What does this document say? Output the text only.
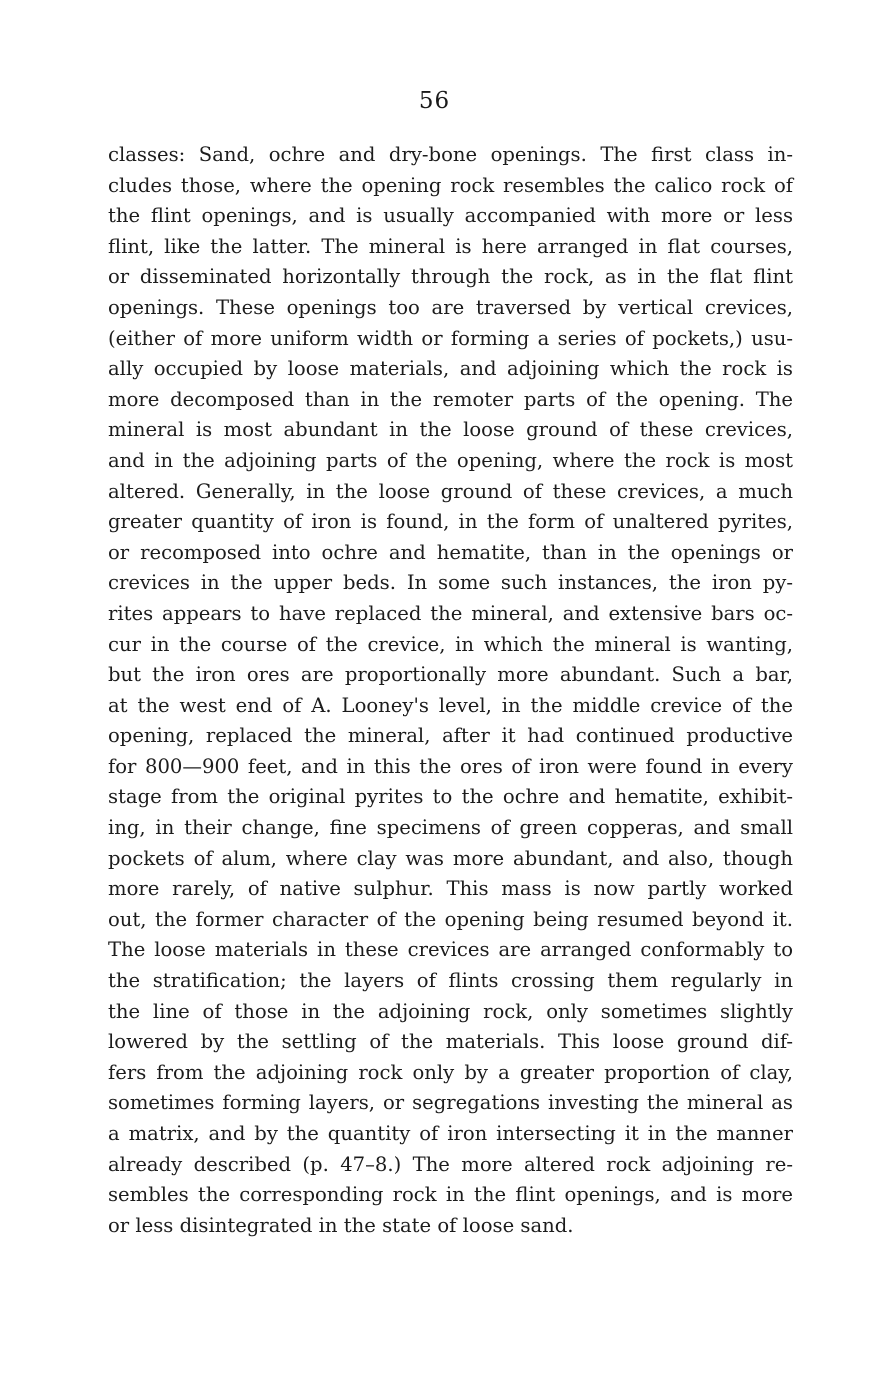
56
classes: Sand, ochre and dry-bone openings. The first class in-
cludes those, where the opening rock resembles the calico rock of
the flint openings, and is usually accompanied with more or less
flint, like the latter. The mineral is here arranged in flat courses,
or disseminated horizontally through the rock, as in the flat flint
openings. These openings too are traversed by vertical crevices,
(either of more uniform width or forming a series of pockets,) usu-
ally occupied by loose materials, and adjoining which the rock is
more decomposed than in the remoter parts of the opening. The
mineral is most abundant in the loose ground of these crevices,
and in the adjoining parts of the opening, where the rock is most
altered. Generally, in the loose ground of these crevices, a much
greater quantity of iron is found, in the form of unaltered pyrites,
or recomposed into ochre and hematite, than in the openings or
crevices in the upper beds. In some such instances, the iron py-
rites appears to have replaced the mineral, and extensive bars oc-
cur in the course of the crevice, in which the mineral is wanting,
but the iron ores are proportionally more abundant. Such a bar,
at the west end of A. Looney's level, in the middle crevice of the
opening, replaced the mineral, after it had continued productive
for 800—900 feet, and in this the ores of iron were found in every
stage from the original pyrites to the ochre and hematite, exhibit-
ing, in their change, fine specimens of green copperas, and small
pockets of alum, where clay was more abundant, and also, though
more rarely, of native sulphur. This mass is now partly worked
out, the former character of the opening being resumed beyond it.
The loose materials in these crevices are arranged conformably to
the stratification; the layers of flints crossing them regularly in
the line of those in the adjoining rock, only sometimes slightly
lowered by the settling of the materials. This loose ground dif-
fers from the adjoining rock only by a greater proportion of clay,
sometimes forming layers, or segregations investing the mineral as
a matrix, and by the quantity of iron intersecting it in the manner
already described (p. 47–8.) The more altered rock adjoining re-
sembles the corresponding rock in the flint openings, and is more
or less disintegrated in the state of loose sand.
